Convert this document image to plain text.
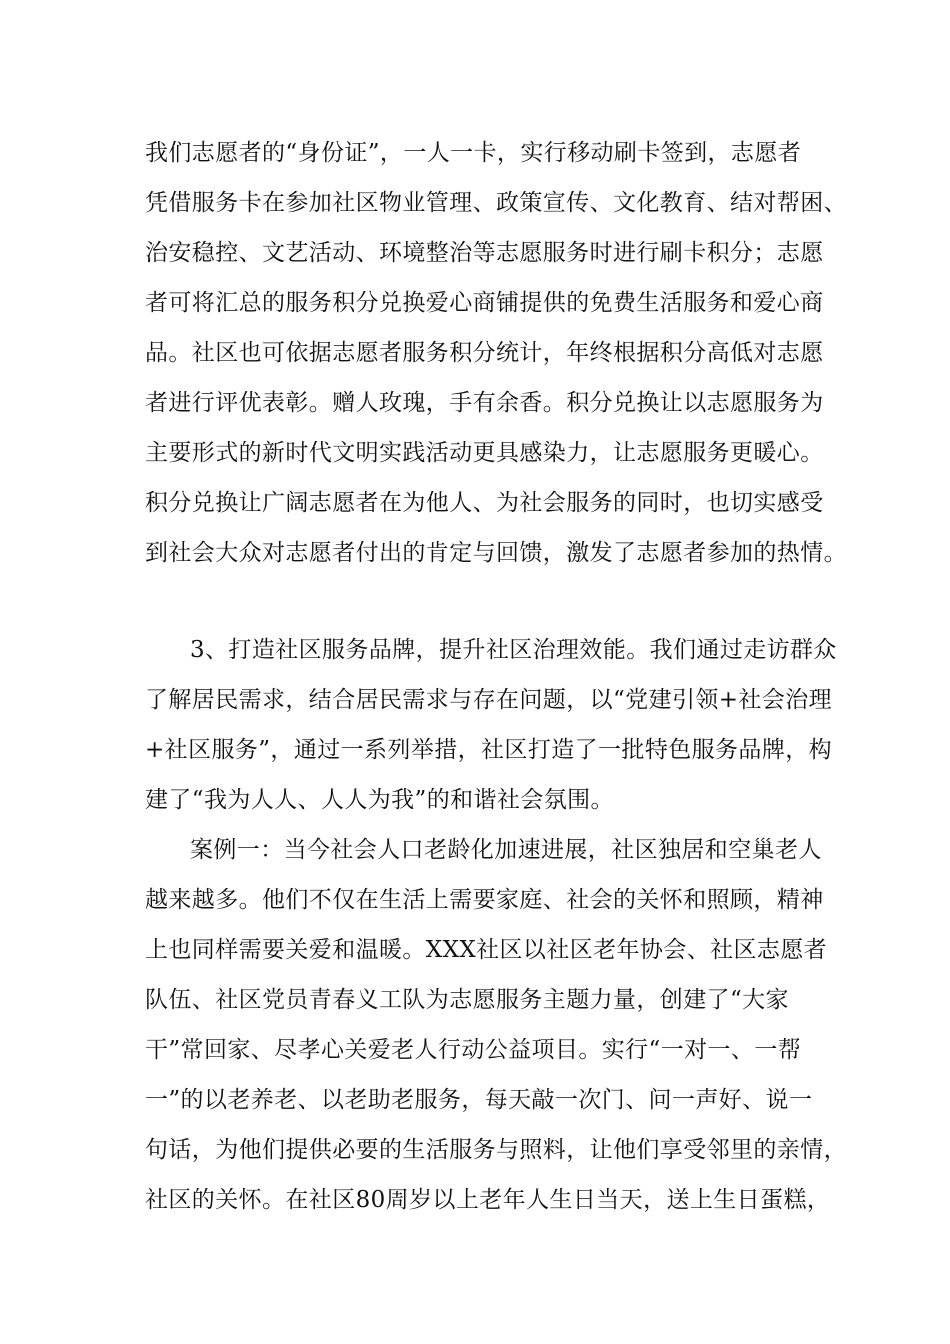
我们志愿者的“身份证”，一人一卡，实行移动刷卡签到，志愿者

凭借服务卡在参加社区物业管理、政策宣传、文化教育、结对帮困、

治安稳控、文艺活动、环境整治等志愿服务时进行刷卡积分；志愿

者可将汇总的服务积分兑换爱心商铺提供的免费生活服务和爱心商

品。社区也可依据志愿者服务积分统计，年终根据积分高低对志愿

者进行评优表彰。赠人玫瑰，手有余香。积分兑换让以志愿服务为

主要形式的新时代文明实践活动更具感染力，让志愿服务更暖心。

积分兑换让广阔志愿者在为他人、为社会服务的同时，也切实感受

到社会大众对志愿者付出的肯定与回馈，激发了志愿者参加的热情。

3、打造社区服务品牌，提升社区治理效能。我们通过走访群众

了解居民需求，结合居民需求与存在问题，以“党建引领+社会治理

+社区服务”，通过一系列举措，社区打造了一批特色服务品牌，构

建了“我为人人、人人为我”的和谐社会氛围。

案例一：当今社会人口老龄化加速进展，社区独居和空巢老人

越来越多。他们不仅在生活上需要家庭、社会的关怀和照顾，精神

上也同样需要关爱和温暖。XXX社区以社区老年协会、社区志愿者

队伍、社区党员青春义工队为志愿服务主题力量，创建了“大家

干”常回家、尽孝心关爱老人行动公益项目。实行“一对一、一帮

一”的以老养老、以老助老服务，每天敲一次门、问一声好、说一

句话，为他们提供必要的生活服务与照料，让他们享受邻里的亲情，

社区的关怀。在社区80周岁以上老年人生日当天，送上生日蛋糕，
